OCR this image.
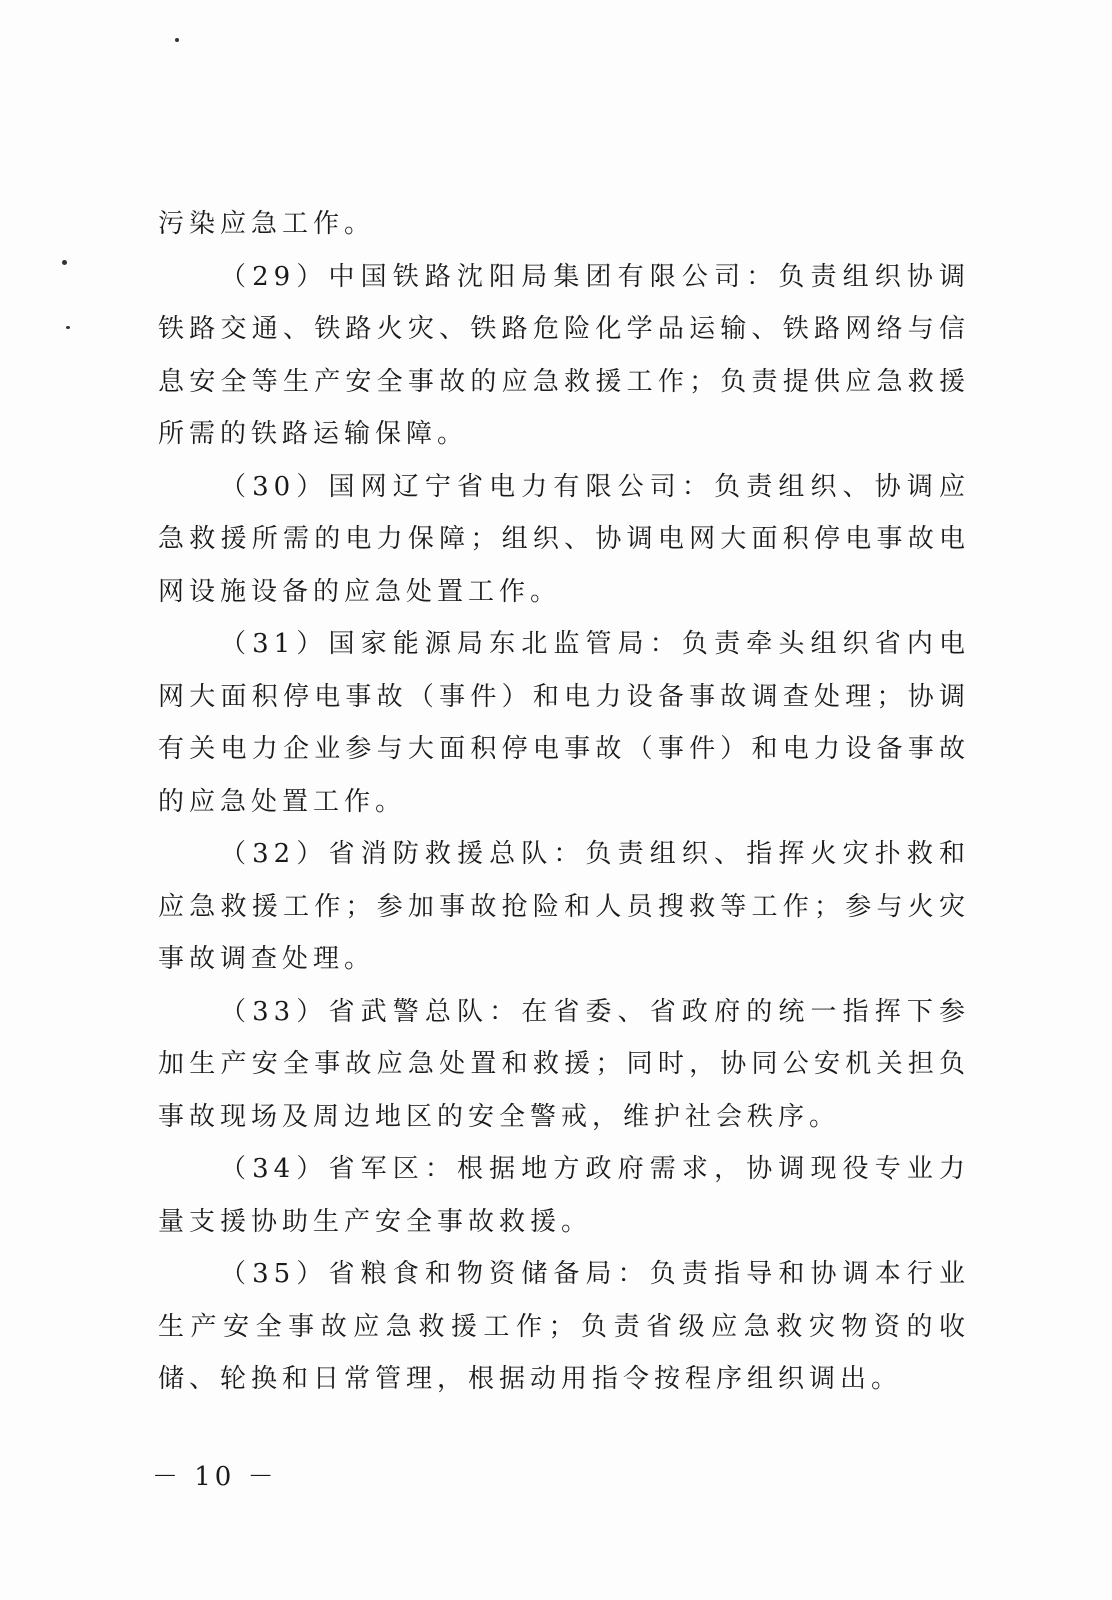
污染应急工作。

（29）中国铁路沈阳局集团有限公司：负责组织协调铁路交通、铁路火灾、铁路危险化学品运输、铁路网络与信息安全等生产安全事故的应急救援工作；负责提供应急救援所需的铁路运输保障。

（30）国网辽宁省电力有限公司：负责组织、协调应急救援所需的电力保障；组织、协调电网大面积停电事故电网设施设备的应急处置工作。

（31）国家能源局东北监管局：负责牵头组织省内电网大面积停电事故（事件）和电力设备事故调查处理；协调有关电力企业参与大面积停电事故（事件）和电力设备事故的应急处置工作。

（32）省消防救援总队：负责组织、指挥火灾扑救和应急救援工作；参加事故抢险和人员搜救等工作；参与火灾事故调查处理。

（33）省武警总队：在省委、省政府的统一指挥下参加生产安全事故应急处置和救援；同时，协同公安机关担负事故现场及周边地区的安全警戒，维护社会秩序。

（34）省军区：根据地方政府需求，协调现役专业力量支援协助生产安全事故救援。

（35）省粮食和物资储备局：负责指导和协调本行业生产安全事故应急救援工作；负责省级应急救灾物资的收储、轮换和日常管理，根据动用指令按程序组织调出。

－ 10 －
